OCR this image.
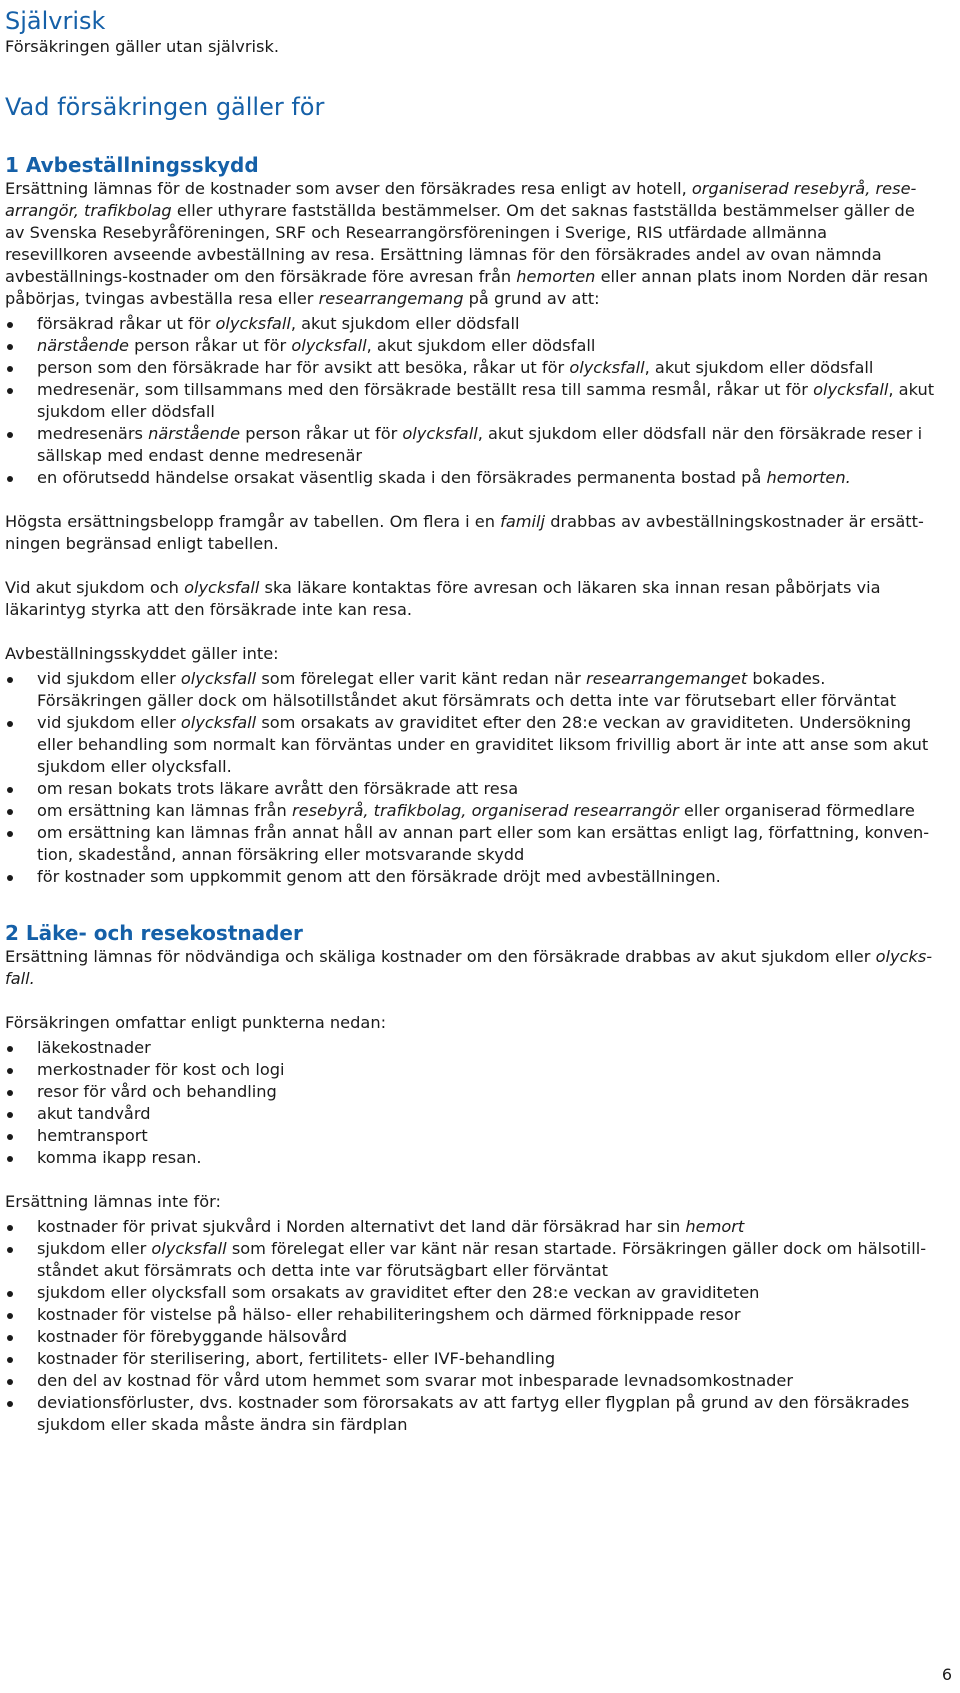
Självrisk

Försäkringen gäller utan självrisk.

Vad försäkringen gäller för
1 Avbeställningsskydd

Ersättning lämnas för de kostnader som avser den försäkrades resa enligt av hotell, organiserad resebyrå, rese-arrangör, trafikbolag eller uthyrare fastställda bestämmelser. Om det saknas fastställda bestämmelser gäller de av Svenska Resebyråföreningen, SRF och Researrangörsföreningen i Sverige, RIS utfärdade allmänna resevillkoren avseende avbeställning av resa. Ersättning lämnas för den försäkrades andel av ovan nämnda avbeställnings-kostnader om den försäkrade före avresan från hemorten eller annan plats inom Norden där resan påbörjas, tvingas avbeställa resa eller researrangemang på grund av att:

försäkrad råkar ut för olycksfall, akut sjukdom eller dödsfall
närstående person råkar ut för olycksfall, akut sjukdom eller dödsfall
person som den försäkrade har för avsikt att besöka, råkar ut för olycksfall, akut sjukdom eller dödsfall
medresenär, som tillsammans med den försäkrade beställt resa till samma resmål, råkar ut för olycksfall, akut sjukdom eller dödsfall
medresenärs närstående person råkar ut för olycksfall, akut sjukdom eller dödsfall när den försäkrade reser i sällskap med endast denne medresenär
en oförutsedd händelse orsakat väsentlig skada i den försäkrades permanenta bostad på hemorten.

Högsta ersättningsbelopp framgår av tabellen. Om flera i en familj drabbas av avbeställningskostnader är ersätt-ningen begränsad enligt tabellen.

Vid akut sjukdom och olycksfall ska läkare kontaktas före avresan och läkaren ska innan resan påbörjats via läkarintyg styrka att den försäkrade inte kan resa.

Avbeställningsskyddet gäller inte:

vid sjukdom eller olycksfall som förelegat eller varit känt redan när researrangemanget bokades. Försäkringen gäller dock om hälsotillståndet akut försämrats och detta inte var förutsebart eller förväntat
vid sjukdom eller olycksfall som orsakats av graviditet efter den 28:e veckan av graviditeten. Undersökning eller behandling som normalt kan förväntas under en graviditet liksom frivillig abort är inte att anse som akut sjukdom eller olycksfall.
om resan bokats trots läkare avrått den försäkrade att resa
om ersättning kan lämnas från resebyrå, trafikbolag, organiserad researrangör eller organiserad förmedlare
om ersättning kan lämnas från annat håll av annan part eller som kan ersättas enligt lag, författning, konven-tion, skadestånd, annan försäkring eller motsvarande skydd
för kostnader som uppkommit genom att den försäkrade dröjt med avbeställningen.
2 Läke- och resekostnader

Ersättning lämnas för nödvändiga och skäliga kostnader om den försäkrade drabbas av akut sjukdom eller olycks-fall.

Försäkringen omfattar enligt punkterna nedan:

läkekostnader
merkostnader för kost och logi
resor för vård och behandling
akut tandvård
hemtransport
komma ikapp resan.

Ersättning lämnas inte för:

kostnader för privat sjukvård i Norden alternativt det land där försäkrad har sin hemort
sjukdom eller olycksfall som förelegat eller var känt när resan startade. Försäkringen gäller dock om hälsotill-ståndet akut försämrats och detta inte var förutsägbart eller förväntat
sjukdom eller olycksfall som orsakats av graviditet efter den 28:e veckan av graviditeten
kostnader för vistelse på hälso- eller rehabiliteringshem och därmed förknippade resor
kostnader för förebyggande hälsovård
kostnader för sterilisering, abort, fertilitets- eller IVF-behandling
den del av kostnad för vård utom hemmet som svarar mot inbesparade levnadsomkostnader
deviationsförluster, dvs. kostnader som förorsakats av att fartyg eller flygplan på grund av den försäkrades sjukdom eller skada måste ändra sin färdplan
6
